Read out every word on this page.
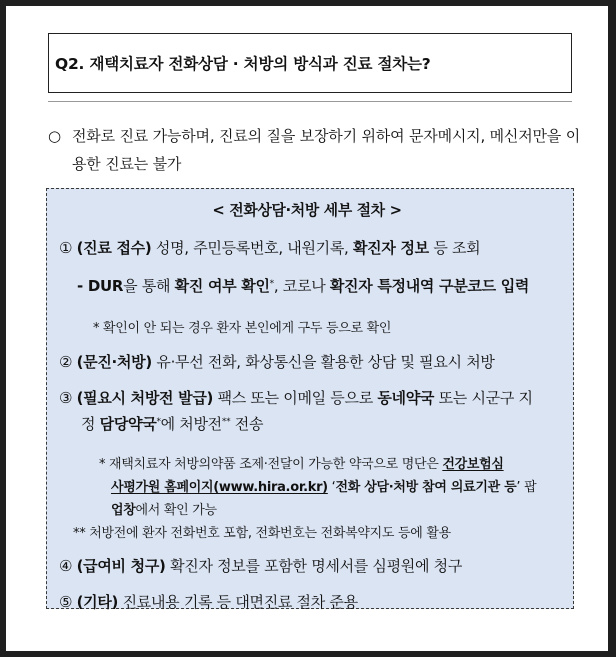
Q2. 재택치료자 전화상담 · 처방의 방식과 진료 절차는?
○ 전화로 진료 가능하며, 진료의 질을 보장하기 위하여 문자메시지, 메신저만을 이용한 진료는 불가
< 전화상담·처방 세부 절차 >
① (진료 접수) 성명, 주민등록번호, 내원기록, 확진자 정보 등 조회
- DUR을 통해 확진 여부 확인*, 코로나 확진자 특정내역 구분코드 입력
* 확인이 안 되는 경우 환자 본인에게 구두 등으로 확인
② (문진·처방) 유·무선 전화, 화상통신을 활용한 상담 및 필요시 처방
③ (필요시 처방전 발급) 팩스 또는 이메일 등으로 동네약국 또는 시군구 지
정 담당약국*에 처방전** 전송
* 재택치료자 처방의약품 조제·전달이 가능한 약국으로 명단은 건강보험심
사평가원 홈페이지(www.hira.or.kr) ‘전화 상담·처방 참여 의료기관 등’ 팝
업창에서 확인 가능
** 처방전에 환자 전화번호 포함, 전화번호는 전화복약지도 등에 활용
④ (급여비 청구) 확진자 정보를 포함한 명세서를 심평원에 청구
⑤ (기타) 진료내용 기록 등 대면진료 절차 준용
